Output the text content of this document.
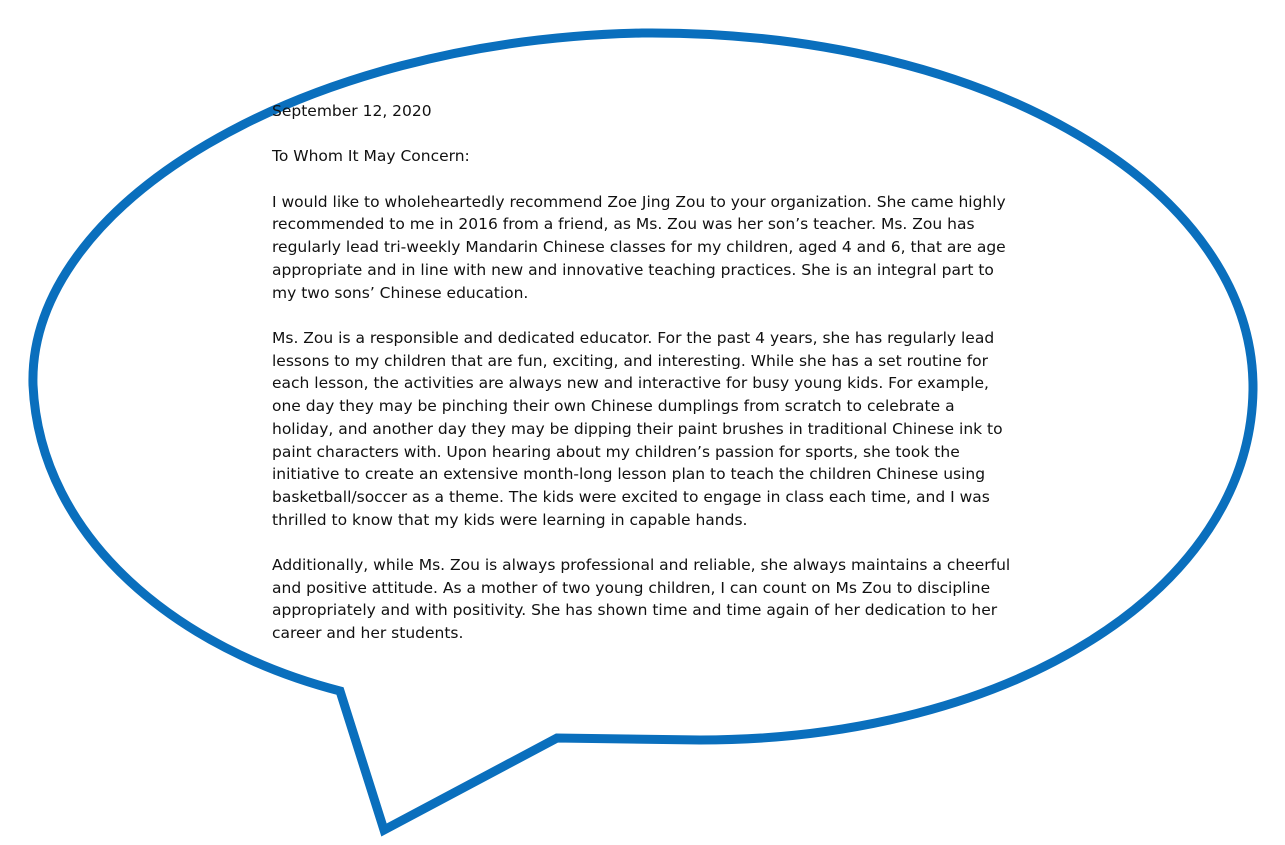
September 12, 2020

To Whom It May Concern:

I would like to wholeheartedly recommend Zoe Jing Zou to your organization. She came highly recommended to me in 2016 from a friend, as Ms. Zou was her son’s teacher. Ms. Zou has regularly lead tri-weekly Mandarin Chinese classes for my children, aged 4 and 6, that are age appropriate and in line with new and innovative teaching practices. She is an integral part to my two sons’ Chinese education.

Ms. Zou is a responsible and dedicated educator. For the past 4 years, she has regularly lead lessons to my children that are fun, exciting, and interesting. While she has a set routine for each lesson, the activities are always new and interactive for busy young kids. For example, one day they may be pinching their own Chinese dumplings from scratch to celebrate a holiday, and another day they may be dipping their paint brushes in traditional Chinese ink to paint characters with. Upon hearing about my children’s passion for sports, she took the initiative to create an extensive month-long lesson plan to teach the children Chinese using basketball/soccer as a theme. The kids were excited to engage in class each time, and I was thrilled to know that my kids were learning in capable hands.

Additionally, while Ms. Zou is always professional and reliable, she always maintains a cheerful and positive attitude. As a mother of two young children, I can count on Ms Zou to discipline appropriately and with positivity. She has shown time and time again of her dedication to her career and her students.
